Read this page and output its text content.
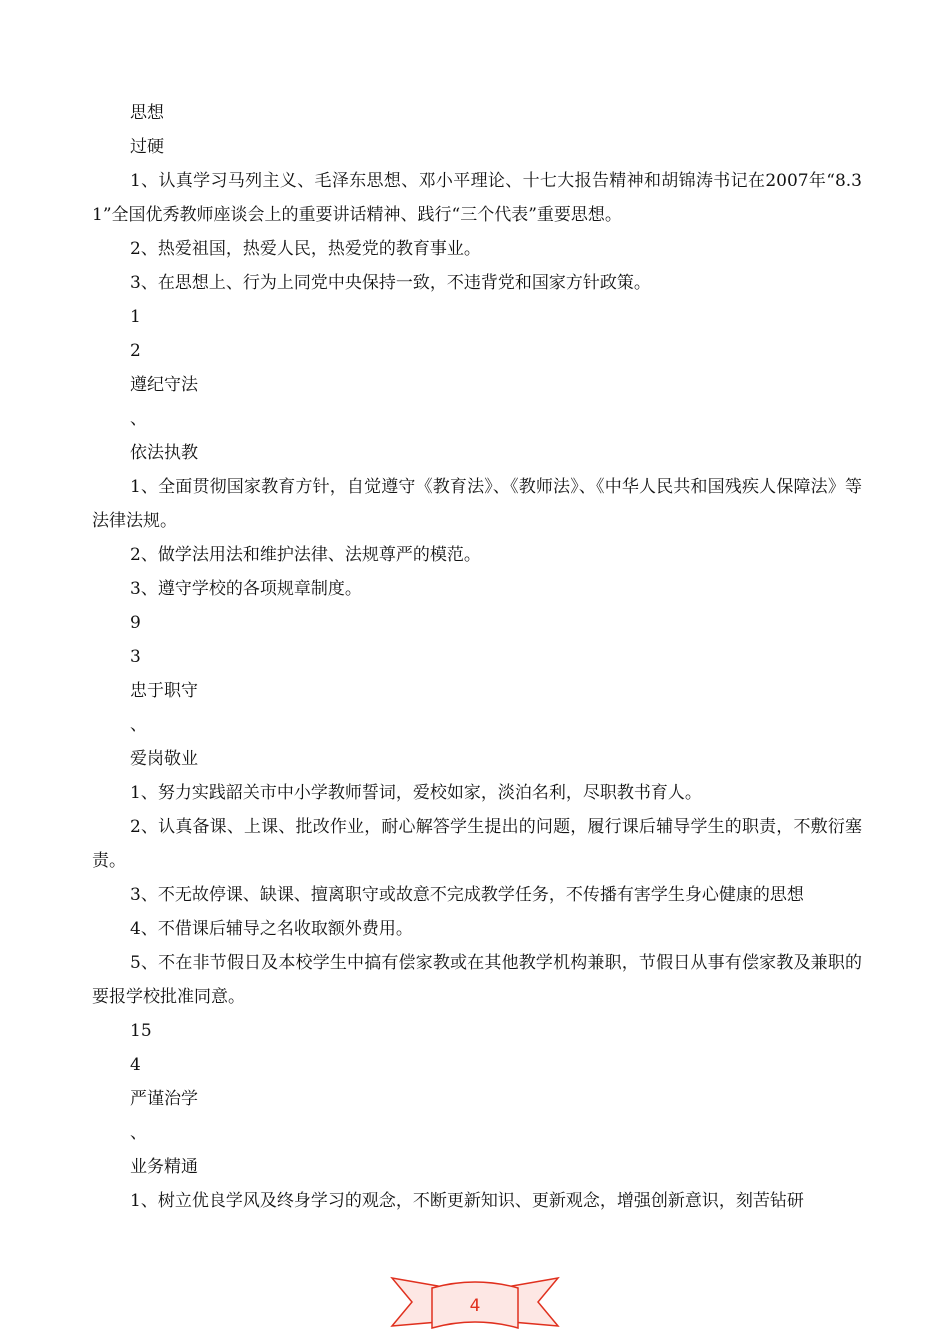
思想
过硬

1、认真学习马列主义、毛泽东思想、邓小平理论、十七大报告精神和胡锦涛书记在2007年“8.31”全国优秀教师座谈会上的重要讲话精神、践行“三个代表”重要思想。

2、热爱祖国，热爱人民，热爱党的教育事业。
3、在思想上、行为上同党中央保持一致，不违背党和国家方针政策。
1
2
遵纪守法
、
依法执教

1、全面贯彻国家教育方针，自觉遵守《教育法》、《教师法》、《中华人民共和国残疾人保障法》等法律法规。

2、做学法用法和维护法律、法规尊严的模范。
3、遵守学校的各项规章制度。
9
3
忠于职守
、
爱岗敬业
1、努力实践韶关市中小学教师誓词，爱校如家，淡泊名利，尽职教书育人。

2、认真备课、上课、批改作业，耐心解答学生提出的问题，履行课后辅导学生的职责，不敷衍塞责。

3、不无故停课、缺课、擅离职守或故意不完成教学任务，不传播有害学生身心健康的思想
4、不借课后辅导之名收取额外费用。

5、不在非节假日及本校学生中搞有偿家教或在其他教学机构兼职，节假日从事有偿家教及兼职的要报学校批准同意。

15
4
严谨治学
、
业务精通
1、树立优良学风及终身学习的观念，不断更新知识、更新观念，增强创新意识，刻苦钻研
4
